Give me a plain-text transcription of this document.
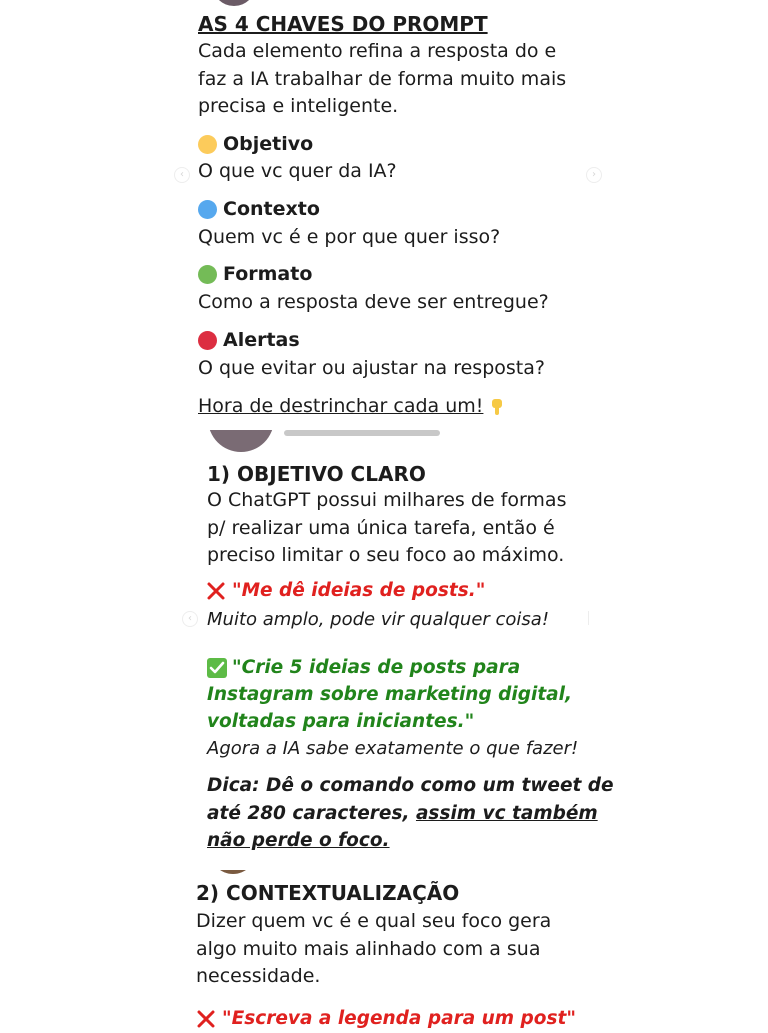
AS 4 CHAVES DO PROMPT
Cada elemento refina a resposta do e
faz a IA trabalhar de forma muito mais
precisa e inteligente.
Objetivo
O que vc quer da IA?
Contexto
Quem vc é e por que quer isso?
Formato
Como a resposta deve ser entregue?
Alertas
O que evitar ou ajustar na resposta?
Hora de destrinchar cada um!
‹	›
1) OBJETIVO CLARO
O ChatGPT possui milhares de formas
p/ realizar uma única tarefa, então é
preciso limitar o seu foco ao máximo.
"Me dê ideias de posts."
Muito amplo, pode vir qualquer coisa!
"Crie 5 ideias de posts para
Instagram sobre marketing digital,
voltadas para iniciantes."
Agora a IA sabe exatamente o que fazer!
Dica: Dê o comando como um tweet de
até 280 caracteres, assim vc também
não perde o foco.
‹
2) CONTEXTUALIZAÇÃO
Dizer quem vc é e qual seu foco gera
algo muito mais alinhado com a sua
necessidade.
"Escreva a legenda para um post"
